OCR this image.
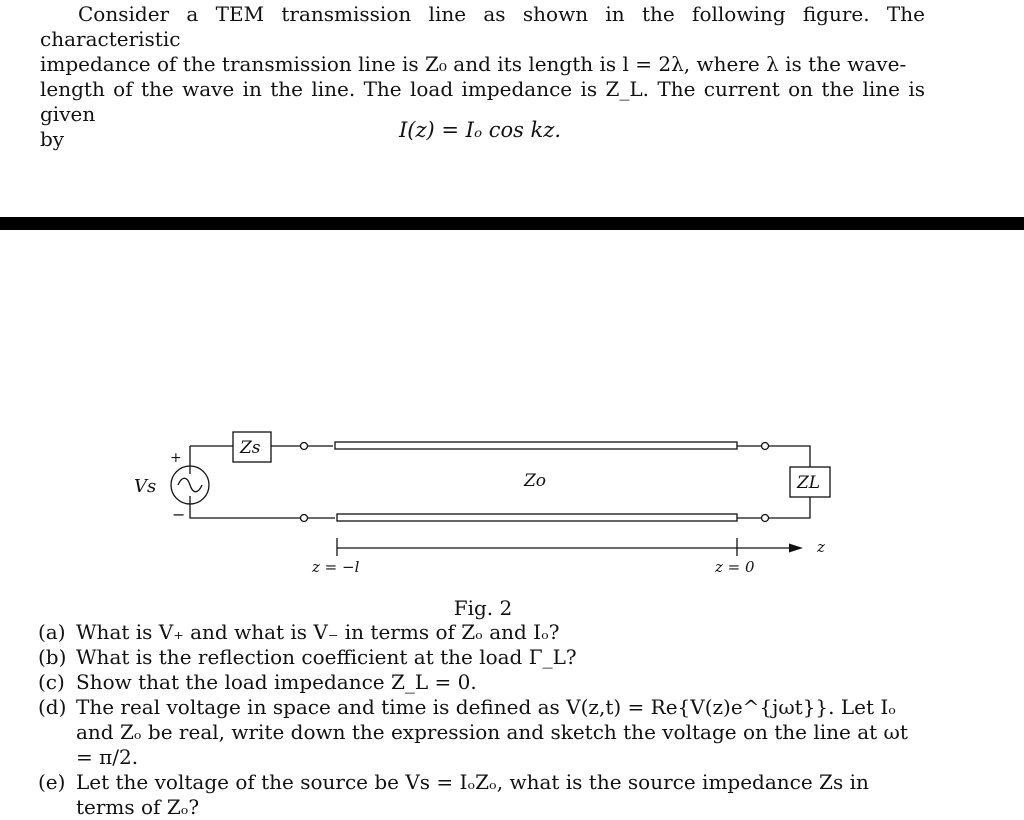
Consider a TEM transmission line as shown in the following figure. The characteristic
impedance of the transmission line is Z₀ and its length is l = 2λ, where λ is the wave-
length of the wave in the line. The load impedance is Z_L. The current on the line is given
by	I(z) = Iₒ cos kz.
Vs
+
−
Zs
Zo	ZL
z
z = −l	z = 0
Fig. 2
(a) What is V₊ and what is V₋ in terms of Zₒ and Iₒ?
(b) What is the reflection coefficient at the load Γ_L?
(c) Show that the load impedance Z_L = 0.
(d) The real voltage in space and time is defined as V(z,t) = Re{V(z)e^{jωt}}. Let Iₒ and Zₒ be real, write down the expression and sketch the voltage on the line at ωt = π/2.
(e) Let the voltage of the source be Vs = IₒZₒ, what is the source impedance Zs in terms of Zₒ?
